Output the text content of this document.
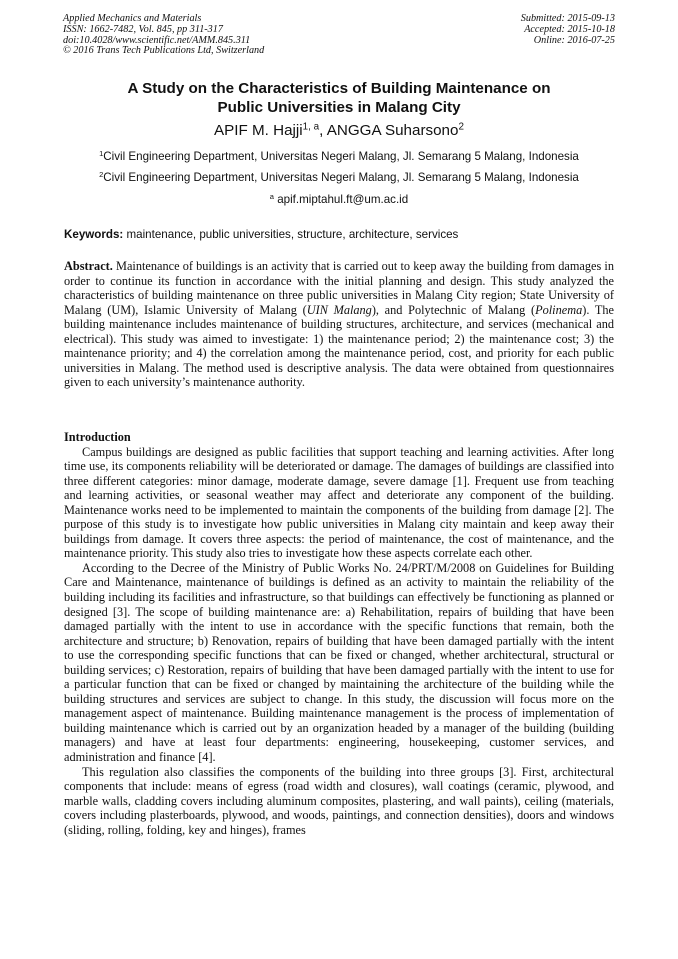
Applied Mechanics and Materials
ISSN: 1662-7482, Vol. 845, pp 311-317
doi:10.4028/www.scientific.net/AMM.845.311
© 2016 Trans Tech Publications Ltd, Switzerland
Submitted: 2015-09-13
Accepted: 2015-10-18
Online: 2016-07-25
A Study on the Characteristics of Building Maintenance on
Public Universities in Malang City
APIF M. Hajji$^{1, a}$, ANGGA Suharsono$^2$
$^1$Civil Engineering Department, Universitas Negeri Malang, Jl. Semarang 5 Malang, Indonesia
$^2$Civil Engineering Department, Universitas Negeri Malang, Jl. Semarang 5 Malang, Indonesia
$^a$ apif.miptahul.ft@um.ac.id
Keywords: maintenance, public universities, structure, architecture, services

Abstract. Maintenance of buildings is an activity that is carried out to keep away the building from damages in order to continue its function in accordance with the initial planning and design. This study analyzed the characteristics of building maintenance on three public universities in Malang City region; State University of Malang (UM), Islamic University of Malang (UIN Malang), and Polytechnic of Malang (Polinema). The building maintenance includes maintenance of building structures, architecture, and services (mechanical and electrical). This study was aimed to investigate: 1) the maintenance period; 2) the maintenance cost; 3) the maintenance priority; and 4) the correlation among the maintenance period, cost, and priority for each public universities in Malang. The method used is descriptive analysis. The data were obtained from questionnaires given to each university’s maintenance authority.

Introduction

Campus buildings are designed as public facilities that support teaching and learning activities. After long time use, its components reliability will be deteriorated or damage. The damages of buildings are classified into three different categories: minor damage, moderate damage, severe damage [1]. Frequent use from teaching and learning activities, or seasonal weather may affect and deteriorate any component of the building. Maintenance works need to be implemented to maintain the components of the building from damage [2]. The purpose of this study is to investigate how public universities in Malang city maintain and keep away their buildings from damage. It covers three aspects: the period of maintenance, the cost of maintenance, and the maintenance priority. This study also tries to investigate how these aspects correlate each other.

According to the Decree of the Ministry of Public Works No. 24/PRT/M/2008 on Guidelines for Building Care and Maintenance, maintenance of buildings is defined as an activity to maintain the reliability of the building including its facilities and infrastructure, so that buildings can effectively be functioning as planned or designed [3]. The scope of building maintenance are: a) Rehabilitation, repairs of building that have been damaged partially with the intent to use in accordance with the specific functions that remain, both the architecture and structure; b) Renovation, repairs of building that have been damaged partially with the intent to use the corresponding specific functions that can be fixed or changed, whether architectural, structural or building services; c) Restoration, repairs of building that have been damaged partially with the intent to use for a particular function that can be fixed or changed by maintaining the architecture of the building while the building structures and services are subject to change. In this study, the discussion will focus more on the management aspect of maintenance. Building maintenance management is the process of implementation of building maintenance which is carried out by an organization headed by a manager of the building (building managers) and have at least four departments: engineering, housekeeping, customer services, and administration and finance [4].

This regulation also classifies the components of the building into three groups [3]. First, architectural components that include: means of egress (road width and closures), wall coatings (ceramic, plywood, and marble walls, cladding covers including aluminum composites, plastering, and wall paints), ceiling (materials, covers including plasterboards, plywood, and woods, paintings, and connection densities), doors and windows (sliding, rolling, folding, key and hinges), frames
